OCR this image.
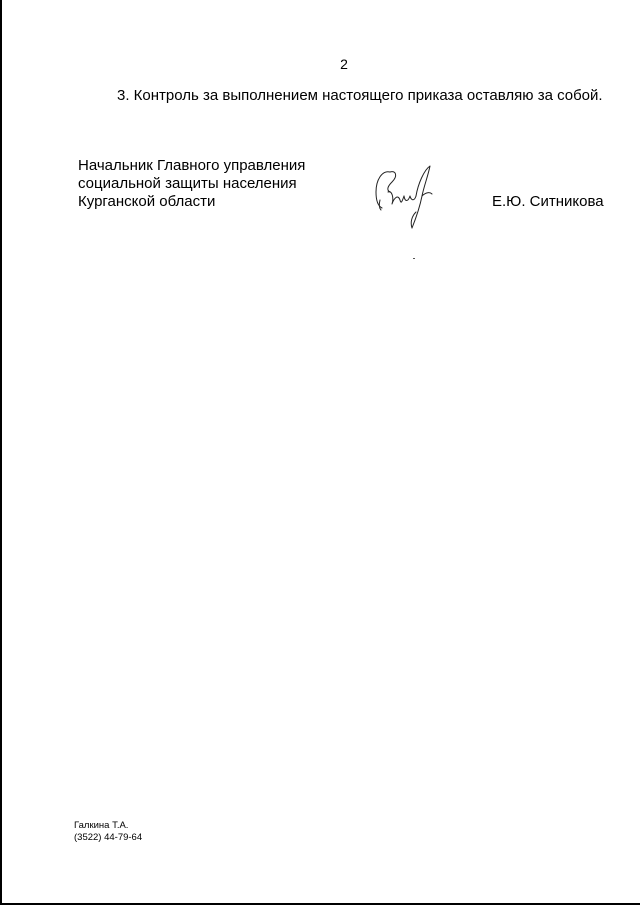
2
3. Контроль за выполнением настоящего приказа оставляю за собой.
Начальник Главного управления
социальной защиты населения
Курганской области	Е.Ю. Ситникова
Галкина Т.А.
(3522) 44-79-64
